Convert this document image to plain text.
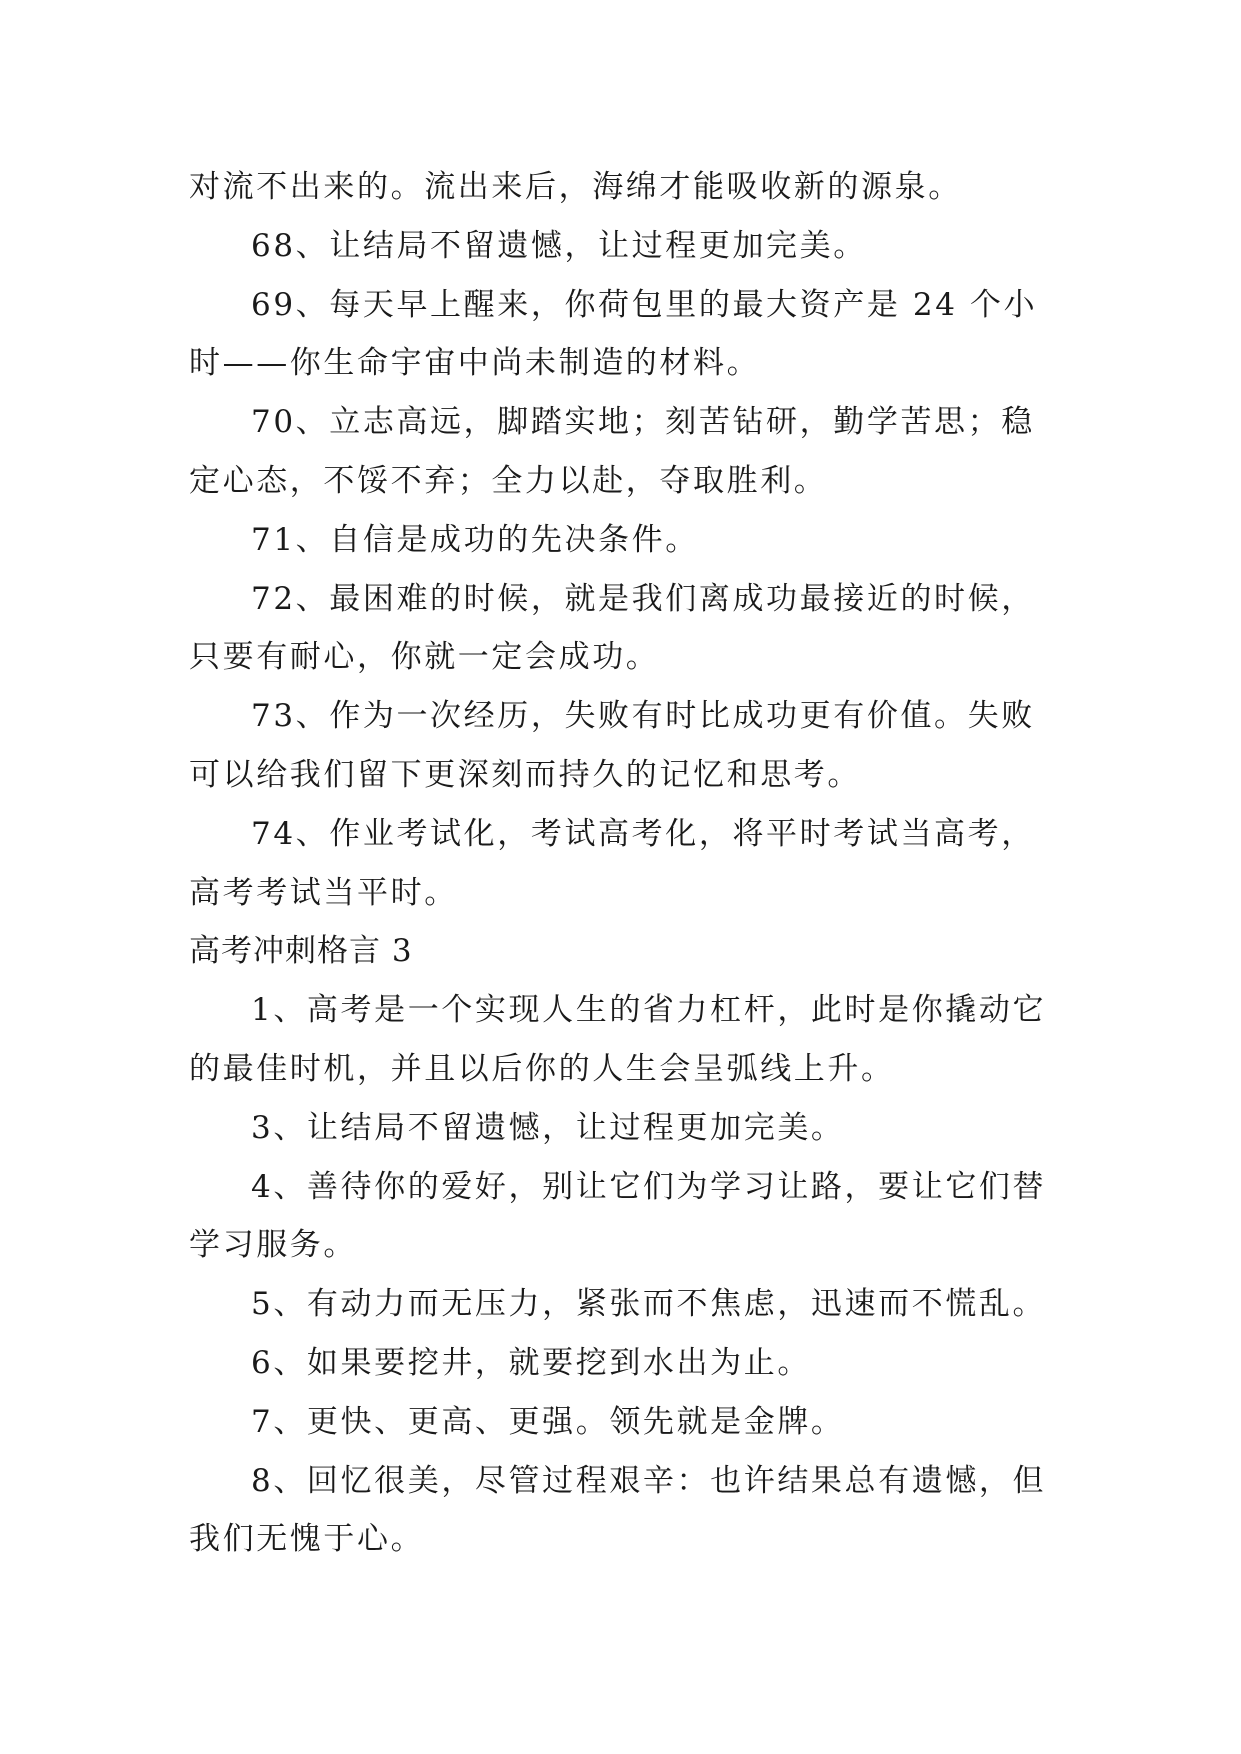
对流不出来的。流出来后，海绵才能吸收新的源泉。

68、让结局不留遗憾，让过程更加完美。

69、每天早上醒来，你荷包里的最大资产是 24 个小时——你生命宇宙中尚未制造的材料。

70、立志高远，脚踏实地；刻苦钻研，勤学苦思；稳定心态，不馁不弃；全力以赴，夺取胜利。

71、自信是成功的先决条件。

72、最困难的时候，就是我们离成功最接近的时候，只要有耐心，你就一定会成功。

73、作为一次经历，失败有时比成功更有价值。失败可以给我们留下更深刻而持久的记忆和思考。

74、作业考试化，考试高考化，将平时考试当高考，高考考试当平时。

高考冲刺格言 3

1、高考是一个实现人生的省力杠杆，此时是你撬动它的最佳时机，并且以后你的人生会呈弧线上升。

3、让结局不留遗憾，让过程更加完美。

4、善待你的爱好，别让它们为学习让路，要让它们替学习服务。

5、有动力而无压力，紧张而不焦虑，迅速而不慌乱。

6、如果要挖井，就要挖到水出为止。

7、更快、更高、更强。领先就是金牌。

8、回忆很美，尽管过程艰辛：也许结果总有遗憾，但我们无愧于心。
